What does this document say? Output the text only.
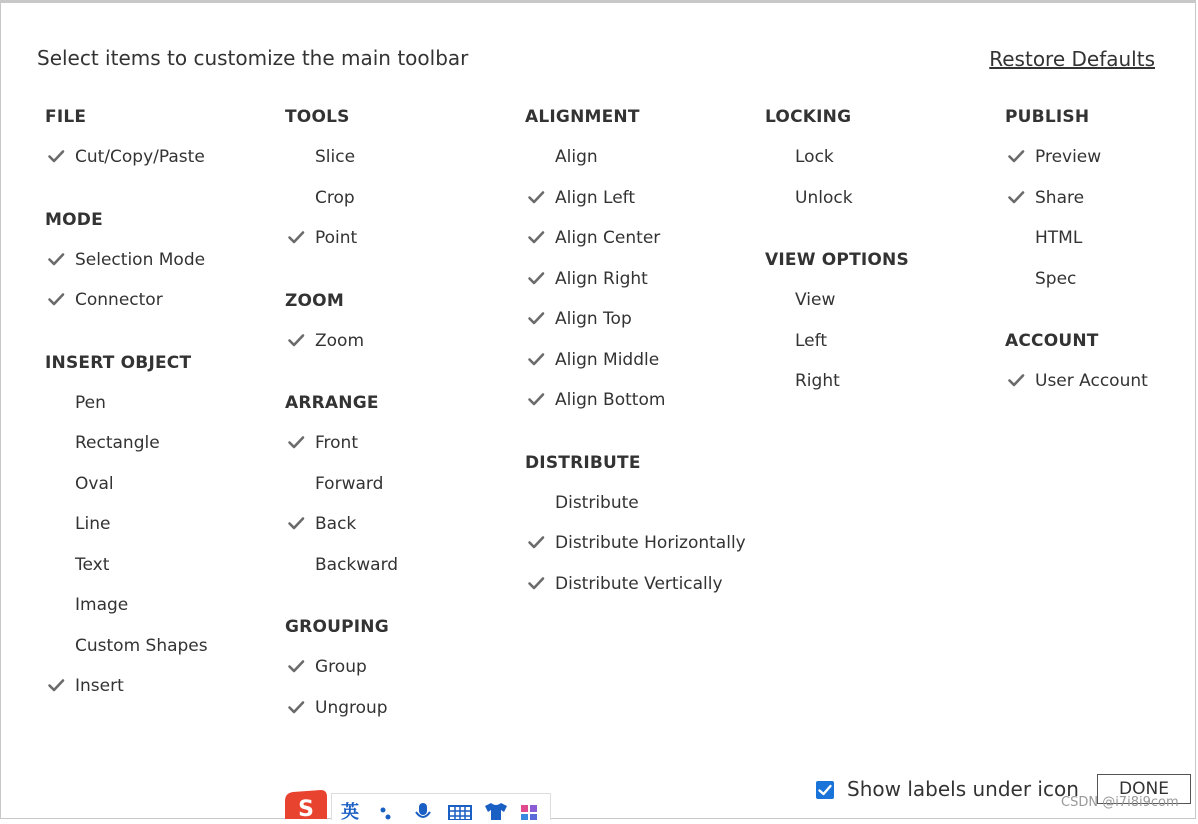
Select items to customize the main toolbar	Restore Defaults
FILE
Cut/Copy/Paste
MODE
Selection Mode
Connector
INSERT OBJECT
Pen
Rectangle
Oval
Line
Text
Image
Custom Shapes
Insert
TOOLS
Slice
Crop
Point
ZOOM
Zoom
ARRANGE
Front
Forward
Back
Backward
GROUPING
Group
Ungroup
ALIGNMENT
Align
Align Left
Align Center
Align Right
Align Top
Align Middle
Align Bottom
DISTRIBUTE
Distribute
Distribute Horizontally
Distribute Vertically
LOCKING
Lock
Unlock
VIEW OPTIONS
View
Left
Right
PUBLISH
Preview
Share
HTML
Spec
ACCOUNT
User Account
S 英
Show labels under icon	DONE
CSDN @i7i8i9com
